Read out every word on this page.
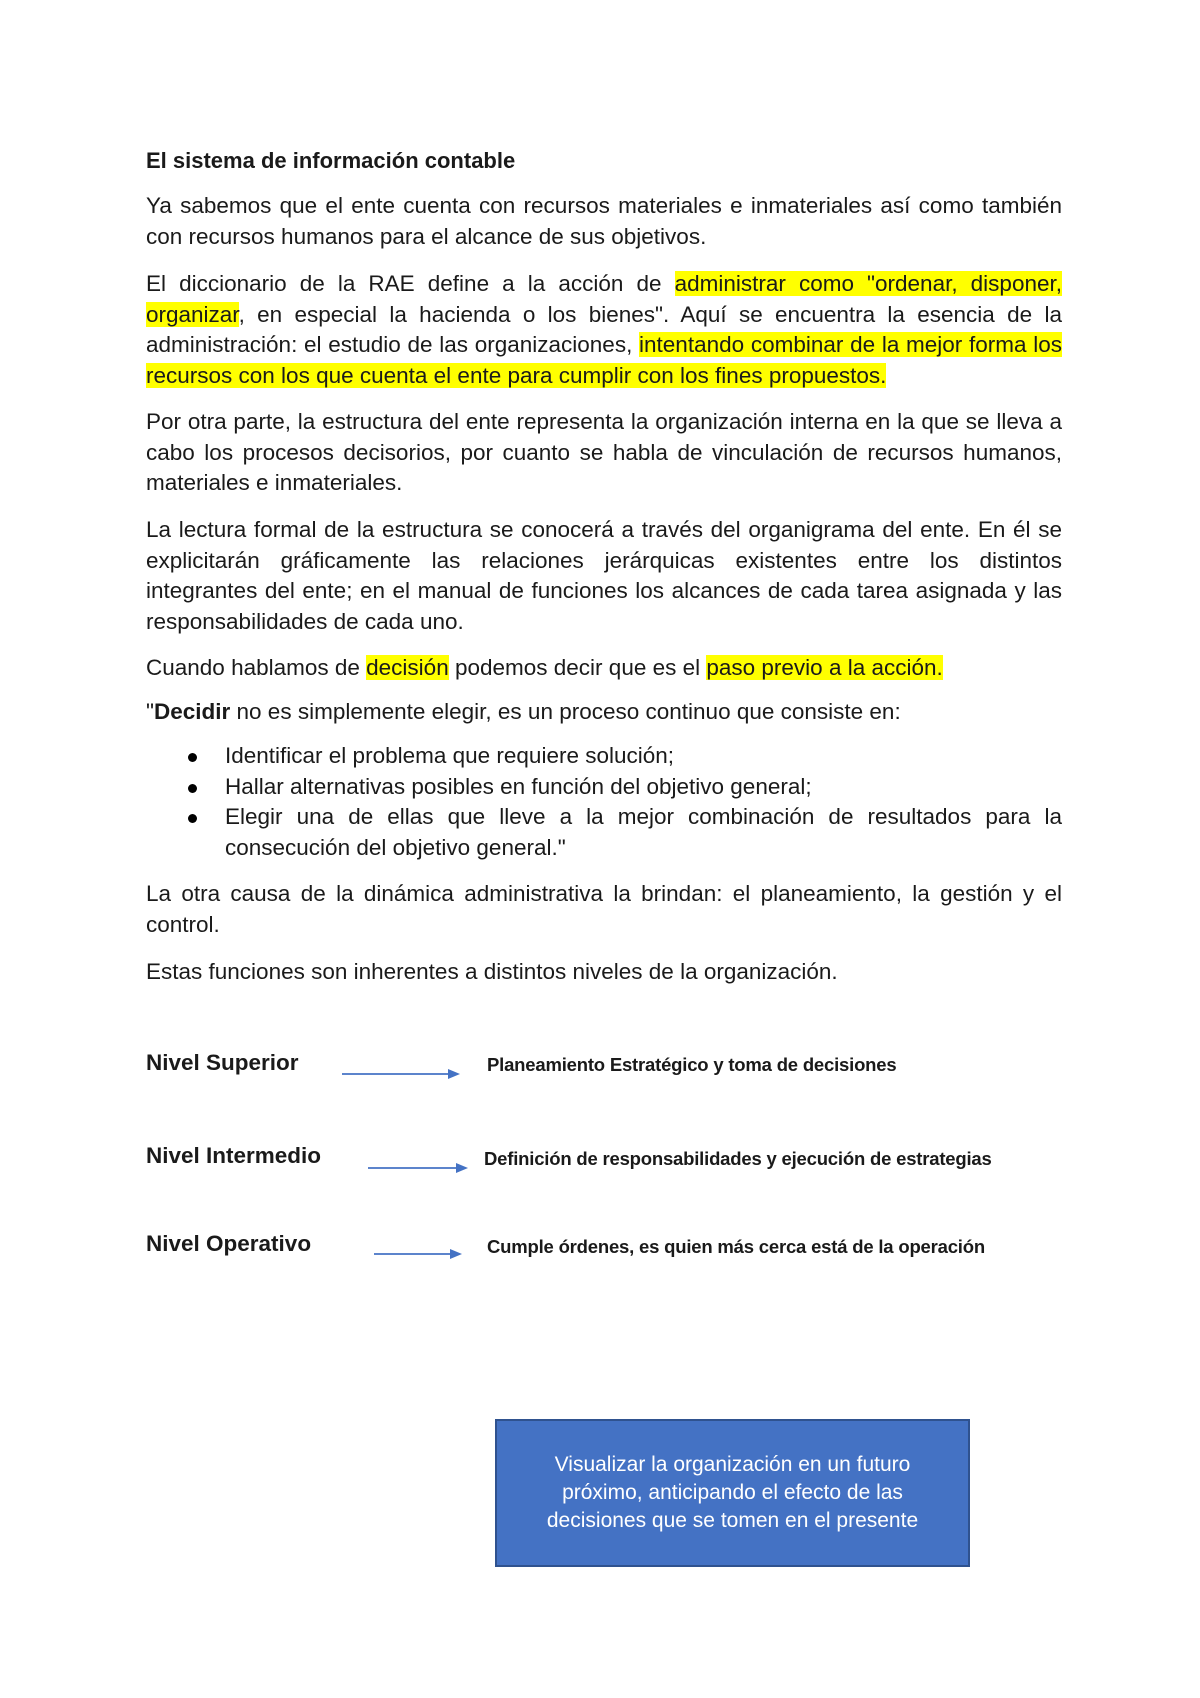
El sistema de información contable

Ya sabemos que el ente cuenta con recursos materiales e inmateriales así como también con recursos humanos para el alcance de sus objetivos.

El diccionario de la RAE define a la acción de administrar como "ordenar, disponer, organizar, en especial la hacienda o los bienes". Aquí se encuentra la esencia de la administración: el estudio de las organizaciones, intentando combinar de la mejor forma los recursos con los que cuenta el ente para cumplir con los fines propuestos.

Por otra parte, la estructura del ente representa la organización interna en la que se lleva a cabo los procesos decisorios, por cuanto se habla de vinculación de recursos humanos, materiales e inmateriales.

La lectura formal de la estructura se conocerá a través del organigrama del ente. En él se explicitarán gráficamente las relaciones jerárquicas existentes entre los distintos integrantes del ente; en el manual de funciones los alcances de cada tarea asignada y las responsabilidades de cada uno.

Cuando hablamos de decisión podemos decir que es el paso previo a la acción.

"Decidir no es simplemente elegir, es un proceso continuo que consiste en:

Identificar el problema que requiere solución;
Hallar alternativas posibles en función del objetivo general;
Elegir una de ellas que lleve a la mejor combinación de resultados para la consecución del objetivo general."

La otra causa de la dinámica administrativa la brindan: el planeamiento, la gestión y el control.

Estas funciones son inherentes a distintos niveles de la organización.

Nivel Superior	Planeamiento Estratégico y toma de decisiones
Nivel Intermedio	Definición de responsabilidades y ejecución de estrategias
Nivel Operativo	Cumple órdenes, es quien más cerca está de la operación
Visualizar la organización en un futuro próximo, anticipando el efecto de las decisiones que se tomen en el presente
